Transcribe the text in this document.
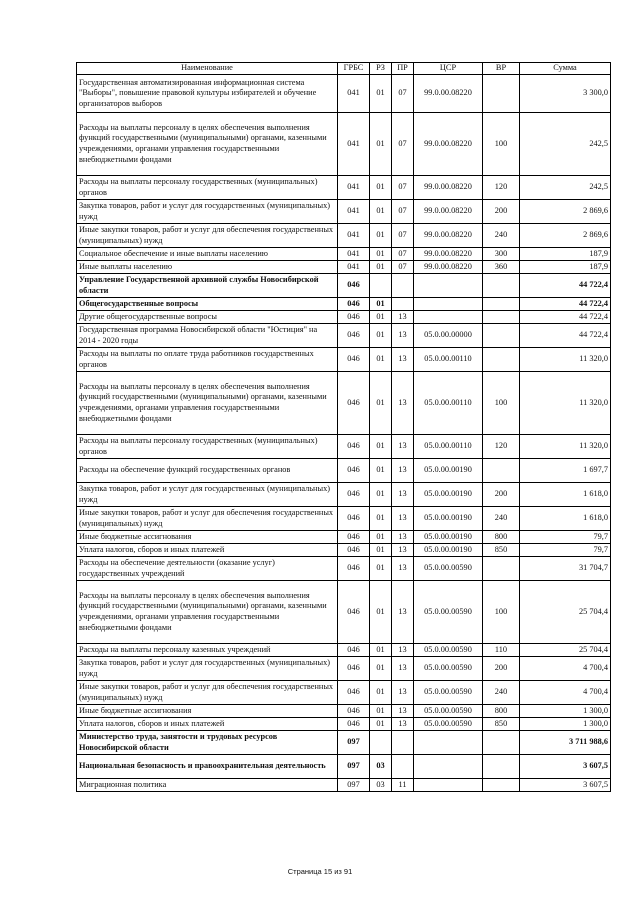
Наименование	ГРБС	РЗ	ПР	ЦСР	ВР	Сумма
Государственная автоматизированная информационная система "Выборы", повышение правовой культуры избирателей и обучение организаторов выборов	041	01	07	99.0.00.08220		3 300,0
Расходы на выплаты персоналу в целях обеспечения выполнения функций государственными (муниципальными) органами, казенными учреждениями, органами управления государственными внебюджетными фондами	041	01	07	99.0.00.08220	100	242,5
Расходы на выплаты персоналу государственных (муниципальных) органов	041	01	07	99.0.00.08220	120	242,5
Закупка товаров, работ и услуг для государственных (муниципальных) нужд	041	01	07	99.0.00.08220	200	2 869,6
Иные закупки товаров, работ и услуг для обеспечения государственных (муниципальных) нужд	041	01	07	99.0.00.08220	240	2 869,6
Социальное обеспечение и иные выплаты населению	041	01	07	99.0.00.08220	300	187,9
Иные выплаты населению	041	01	07	99.0.00.08220	360	187,9
Управление Государственной архивной службы Новосибирской области	046					44 722,4
Общегосударственные вопросы	046	01				44 722,4
Другие общегосударственные вопросы	046	01	13			44 722,4
Государственная программа Новосибирской области "Юстиция" на 2014 - 2020 годы	046	01	13	05.0.00.00000		44 722,4
Расходы на выплаты по оплате труда работников государственных органов	046	01	13	05.0.00.00110		11 320,0
Расходы на выплаты персоналу в целях обеспечения выполнения функций государственными (муниципальными) органами, казенными учреждениями, органами управления государственными внебюджетными фондами	046	01	13	05.0.00.00110	100	11 320,0
Расходы на выплаты персоналу государственных (муниципальных) органов	046	01	13	05.0.00.00110	120	11 320,0
Расходы на обеспечение функций государственных органов	046	01	13	05.0.00.00190		1 697,7
Закупка товаров, работ и услуг для государственных (муниципальных) нужд	046	01	13	05.0.00.00190	200	1 618,0
Иные закупки товаров, работ и услуг для обеспечения государственных (муниципальных) нужд	046	01	13	05.0.00.00190	240	1 618,0
Иные бюджетные ассигнования	046	01	13	05.0.00.00190	800	79,7
Уплата налогов, сборов и иных платежей	046	01	13	05.0.00.00190	850	79,7
Расходы на обеспечение деятельности (оказание услуг) государственных учреждений	046	01	13	05.0.00.00590		31 704,7
Расходы на выплаты персоналу в целях обеспечения выполнения функций государственными (муниципальными) органами, казенными учреждениями, органами управления государственными внебюджетными фондами	046	01	13	05.0.00.00590	100	25 704,4
Расходы на выплаты персоналу казенных учреждений	046	01	13	05.0.00.00590	110	25 704,4
Закупка товаров, работ и услуг для государственных (муниципальных) нужд	046	01	13	05.0.00.00590	200	4 700,4
Иные закупки товаров, работ и услуг для обеспечения государственных (муниципальных) нужд	046	01	13	05.0.00.00590	240	4 700,4
Иные бюджетные ассигнования	046	01	13	05.0.00.00590	800	1 300,0
Уплата налогов, сборов и иных платежей	046	01	13	05.0.00.00590	850	1 300,0
Министерство труда, занятости и трудовых ресурсов Новосибирской области	097					3 711 988,6
Национальная безопасность и правоохранительная деятельность	097	03				3 607,5
Миграционная политика	097	03	11			3 607,5
Страница 15 из 91
